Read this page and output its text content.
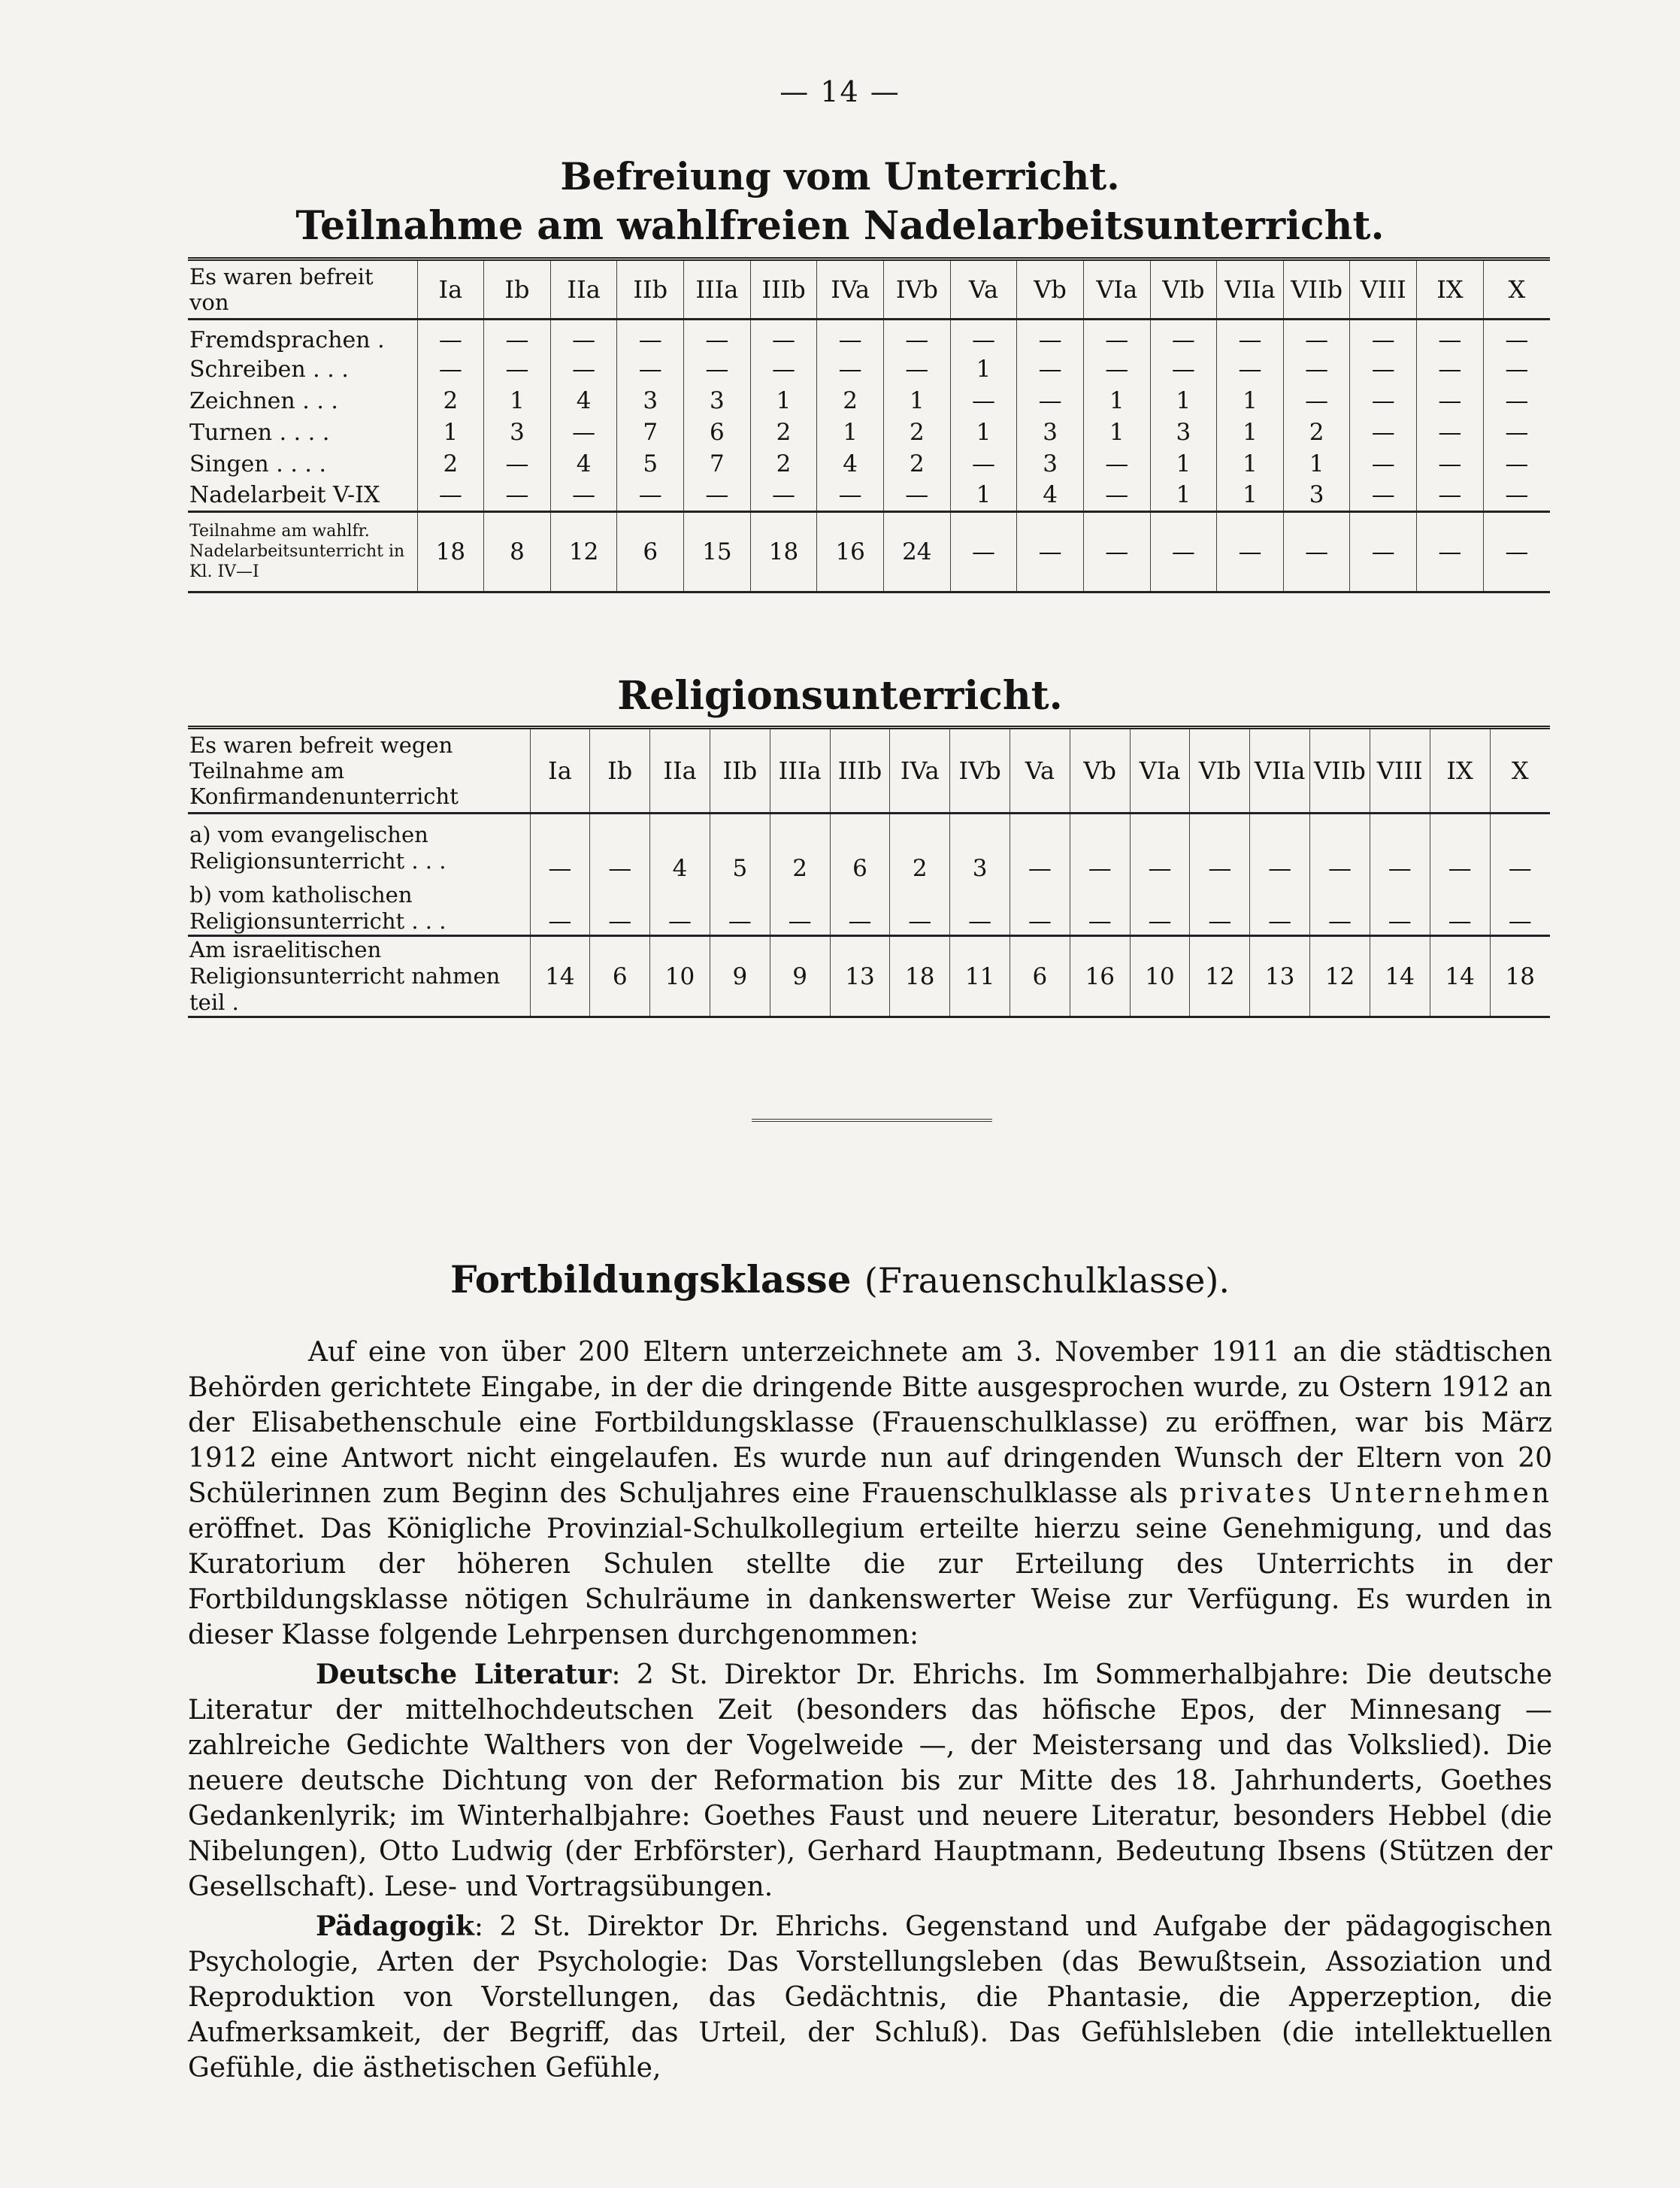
— 14 —
Befreiung vom Unterricht.
Teilnahme am wahlfreien Nadelarbeitsunterricht.
Es waren befreit von	Ia	Ib	IIa	IIb	IIIa	IIIb	IVa	IVb	Va	Vb	VIa	VIb	VIIa	VIIb	VIII	IX	X
Fremdsprachen .	—	—	—	—	—	—	—	—	—	—	—	—	—	—	—	—	—
Schreiben . . .	—	—	—	—	—	—	—	—	1	—	—	—	—	—	—	—	—
Zeichnen . . .	2	1	4	3	3	1	2	1	—	—	1	1	1	—	—	—	—
Turnen . . . .	1	3	—	7	6	2	1	2	1	3	1	3	1	2	—	—	—
Singen . . . .	2	—	4	5	7	2	4	2	—	3	—	1	1	1	—	—	—
Nadelarbeit V-IX	—	—	—	—	—	—	—	—	1	4	—	1	1	3	—	—	—
Teilnahme am wahlfr. Nadelarbeitsunterricht in Kl. IV—I	18	8	12	6	15	18	16	24	—	—	—	—	—	—	—	—	—
Religionsunterricht.
Es waren befreit wegen Teilnahme am Konfirmandenunterricht	Ia	Ib	IIa	IIb	IIIa	IIIb	IVa	IVb	Va	Vb	VIa	VIb	VIIa	VIIb	VIII	IX	X
a) vom evangelischen Religionsunterricht . . .	—	—	4	5	2	6	2	3	—	—	—	—	—	—	—	—	—
b) vom katholischen Religionsunterricht . . .	—	—	—	—	—	—	—	—	—	—	—	—	—	—	—	—	—
Am israelitischen Religionsunterricht nahmen teil .	14	6	10	9	9	13	18	11	6	16	10	12	13	12	14	14	18
Fortbildungsklasse (Frauenschulklasse).

Auf eine von über 200 Eltern unterzeichnete am 3. November 1911 an die städtischen Behörden gerichtete Eingabe, in der die dringende Bitte ausgesprochen wurde, zu Ostern 1912 an der Elisabethenschule eine Fortbildungsklasse (Frauenschulklasse) zu eröffnen, war bis März 1912 eine Antwort nicht eingelaufen. Es wurde nun auf dringenden Wunsch der Eltern von 20 Schülerinnen zum Beginn des Schuljahres eine Frauenschulklasse als privates Unternehmen eröffnet. Das Königliche Provinzial-Schulkollegium erteilte hierzu seine Genehmigung, und das Kuratorium der höheren Schulen stellte die zur Erteilung des Unterrichts in der Fortbildungsklasse nötigen Schulräume in dankenswerter Weise zur Verfügung. Es wurden in dieser Klasse folgende Lehrpensen durchgenommen:

Deutsche Literatur: 2 St. Direktor Dr. Ehrichs. Im Sommerhalbjahre: Die deutsche Literatur der mittelhochdeutschen Zeit (besonders das höfische Epos, der Minnesang — zahlreiche Gedichte Walthers von der Vogelweide —, der Meistersang und das Volkslied). Die neuere deutsche Dichtung von der Reformation bis zur Mitte des 18. Jahrhunderts, Goethes Gedankenlyrik; im Winterhalbjahre: Goethes Faust und neuere Literatur, besonders Hebbel (die Nibelungen), Otto Ludwig (der Erbförster), Gerhard Hauptmann, Bedeutung Ibsens (Stützen der Gesellschaft). Lese- und Vortragsübungen.

Pädagogik: 2 St. Direktor Dr. Ehrichs. Gegenstand und Aufgabe der pädagogischen Psychologie, Arten der Psychologie: Das Vorstellungsleben (das Bewußtsein, Assoziation und Reproduktion von Vorstellungen, das Gedächtnis, die Phantasie, die Apperzeption, die Aufmerksamkeit, der Begriff, das Urteil, der Schluß). Das Gefühlsleben (die intellektuellen Gefühle, die ästhetischen Gefühle,
